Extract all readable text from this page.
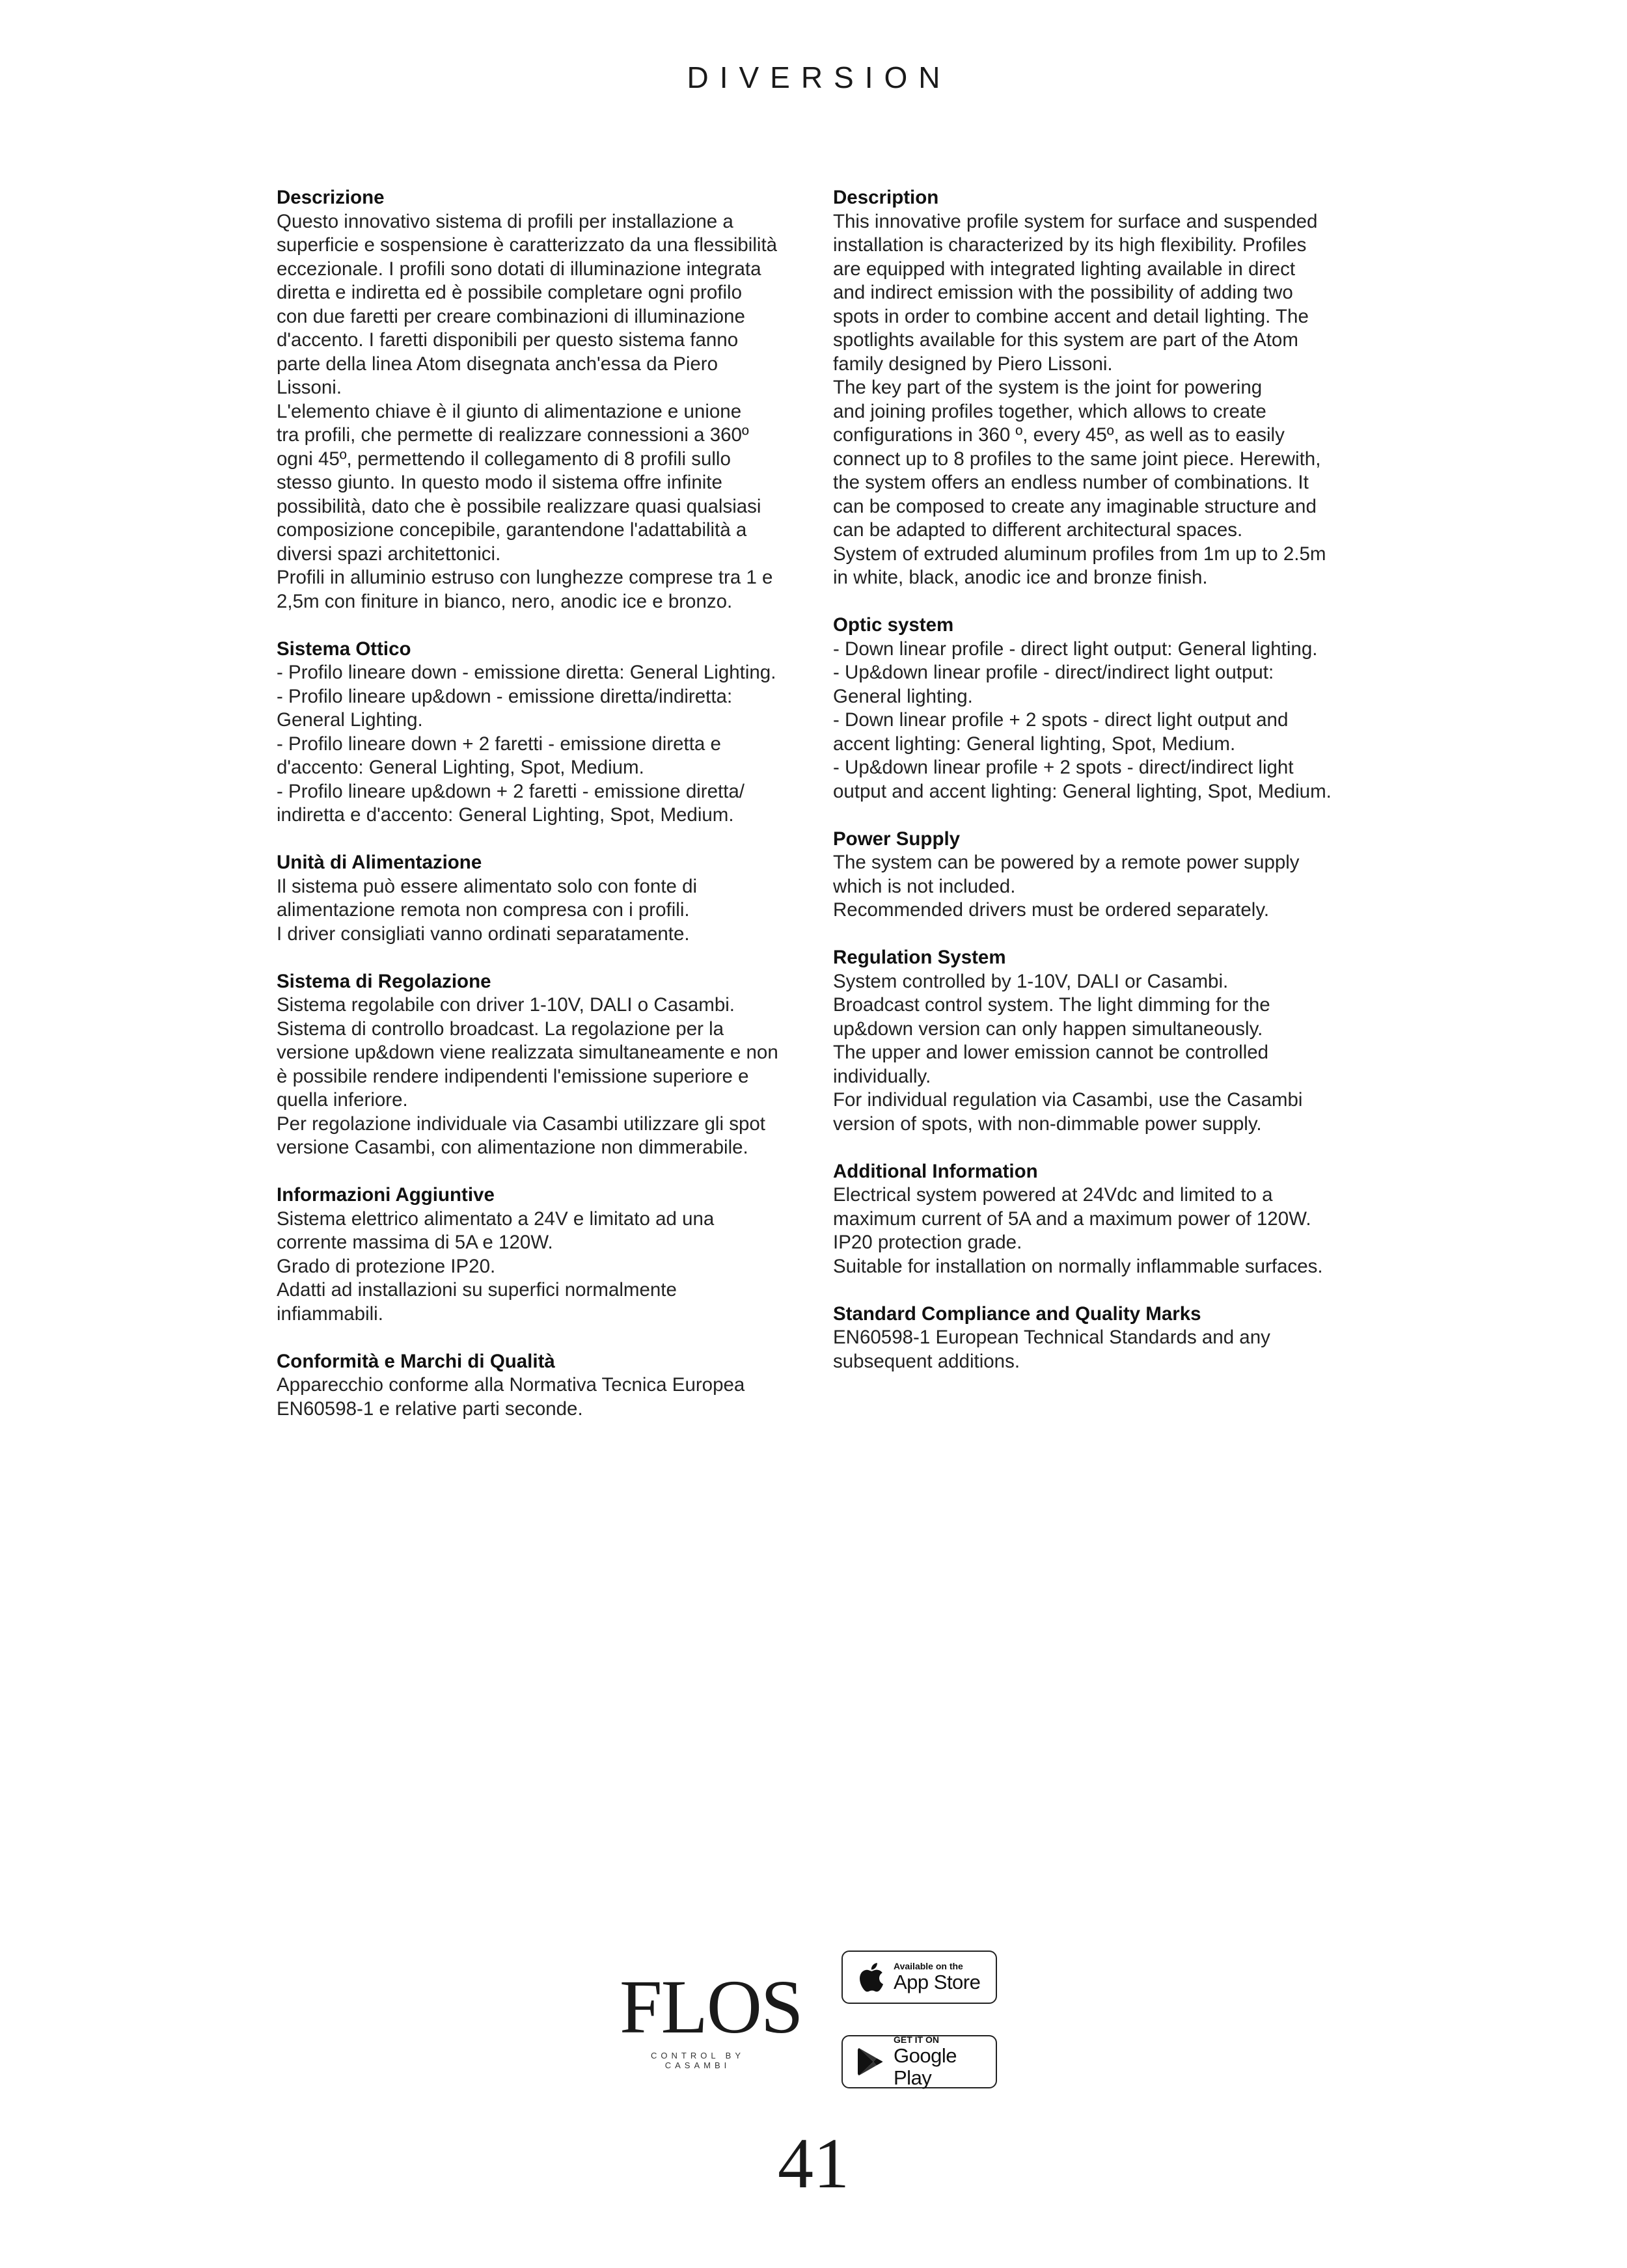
DIVERSION
Descrizione

Questo innovativo sistema di profili per installazione a
superficie e sospensione è caratterizzato da una flessibilità
eccezionale. I profili sono dotati di illuminazione integrata
diretta e indiretta ed è possibile completare ogni profilo
con due faretti per creare combinazioni di illuminazione
d'accento. I faretti disponibili per questo sistema fanno
parte della linea Atom disegnata anch'essa da Piero
Lissoni.
L'elemento chiave è il giunto di alimentazione e unione
tra profili, che permette di realizzare connessioni a 360º
ogni 45º, permettendo il collegamento di 8 profili sullo
stesso giunto. In questo modo il sistema offre infinite
possibilità, dato che è possibile realizzare quasi qualsiasi
composizione concepibile, garantendone l'adattabilità a
diversi spazi architettonici.
Profili in alluminio estruso con lunghezze comprese tra 1 e
2,5m con finiture in bianco, nero, anodic ice e bronzo.

Sistema Ottico

- Profilo lineare down - emissione diretta: General Lighting.
- Profilo lineare up&down - emissione diretta/indiretta:
General Lighting.
- Profilo lineare down + 2 faretti - emissione diretta e
d'accento: General Lighting, Spot, Medium.
- Profilo lineare up&down + 2 faretti - emissione diretta/
indiretta e d'accento: General Lighting, Spot, Medium.

Unità di Alimentazione

Il sistema può essere alimentato solo con fonte di
alimentazione remota non compresa con i profili.
I driver consigliati vanno ordinati separatamente.

Sistema di Regolazione

Sistema regolabile con driver 1-10V, DALI o Casambi.
Sistema di controllo broadcast. La regolazione per la
versione up&down viene realizzata simultaneamente e non
è possibile rendere indipendenti l'emissione superiore e
quella inferiore.
Per regolazione individuale via Casambi utilizzare gli spot
versione Casambi, con alimentazione non dimmerabile.

Informazioni Aggiuntive

Sistema elettrico alimentato a 24V e limitato ad una
corrente massima di 5A e 120W.
Grado di protezione IP20.
Adatti ad installazioni su superfici normalmente
infiammabili.

Conformità e Marchi di Qualità

Apparecchio conforme alla Normativa Tecnica Europea
EN60598-1 e relative parti seconde.

Description

This innovative profile system for surface and suspended
installation is characterized by its high flexibility. Profiles
are equipped with integrated lighting available in direct
and indirect emission with the possibility of adding two
spots in order to combine accent and detail lighting. The
spotlights available for this system are part of the Atom
family designed by Piero Lissoni.
The key part of the system is the joint for powering
and joining profiles together, which allows to create
configurations in 360 º, every 45º, as well as to easily
connect up to 8 profiles to the same joint piece. Herewith,
the system offers an endless number of combinations. It
can be composed to create any imaginable structure and
can be adapted to different architectural spaces.
System of extruded aluminum profiles from 1m up to 2.5m
in white, black, anodic ice and bronze finish.

Optic system

- Down linear profile - direct light output: General lighting.
- Up&down linear profile - direct/indirect light output:
General lighting.
- Down linear profile + 2 spots - direct light output and
accent lighting: General lighting, Spot, Medium.
- Up&down linear profile + 2 spots - direct/indirect light
output and accent lighting: General lighting, Spot, Medium.

Power Supply

The system can be powered by a remote power supply
which is not included.
Recommended drivers must be ordered separately.

Regulation System

System controlled by 1-10V, DALI or Casambi.
Broadcast control system. The light dimming for the
up&down version can only happen simultaneously.
The upper and lower emission cannot be controlled
individually.
For individual regulation via Casambi, use the Casambi
version of spots, with non-dimmable power supply.

Additional Information

Electrical system powered at 24Vdc and limited to a
maximum current of 5A and a maximum power of 120W.
IP20 protection grade.
Suitable for installation on normally inflammable surfaces.

Standard Compliance and Quality Marks

EN60598-1 European Technical Standards and any
subsequent additions.

FLOS
CONTROL BY CASAMBI
Available on the
App Store
GET IT ON
Google Play
41
